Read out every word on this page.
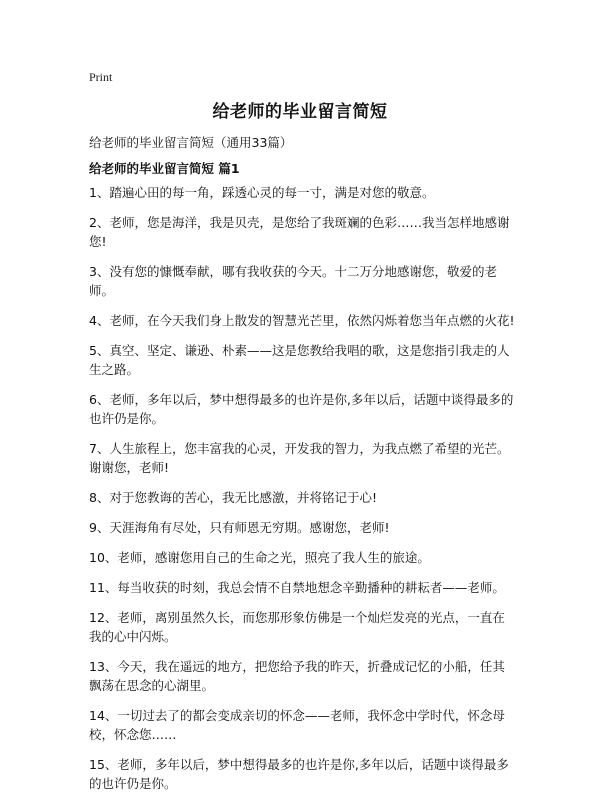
Print
给老师的毕业留言简短
给老师的毕业留言简短（通用33篇）
给老师的毕业留言简短 篇1

1、踏遍心田的每一角，踩透心灵的每一寸，满是对您的敬意。

2、老师，您是海洋，我是贝壳，是您给了我斑斓的色彩……我当怎样地感谢您!

3、没有您的慷慨奉献，哪有我收获的今天。十二万分地感谢您，敬爱的老师。

4、老师，在今天我们身上散发的智慧光芒里，依然闪烁着您当年点燃的火花!

5、真空、坚定、谦逊、朴素——这是您教给我唱的歌，这是您指引我走的人生之路。

6、老师，多年以后，梦中想得最多的也许是你,多年以后，话题中谈得最多的也许仍是你。

7、人生旅程上，您丰富我的心灵，开发我的智力，为我点燃了希望的光芒。谢谢您，老师!

8、对于您教诲的苦心，我无比感激，并将铭记于心!

9、天涯海角有尽处，只有师恩无穷期。感谢您，老师!

10、老师，感谢您用自己的生命之光，照亮了我人生的旅途。

11、每当收获的时刻，我总会情不自禁地想念辛勤播种的耕耘者——老师。

12、老师，离别虽然久长，而您那形象仿佛是一个灿烂发亮的光点，一直在我的心中闪烁。

13、今天，我在遥远的地方，把您给予我的昨天，折叠成记忆的小船，任其飘荡在思念的心湖里。

14、一切过去了的都会变成亲切的怀念——老师，我怀念中学时代，怀念母校，怀念您……

15、老师，多年以后，梦中想得最多的也许是你,多年以后，话题中谈得最多的也许仍是你。
